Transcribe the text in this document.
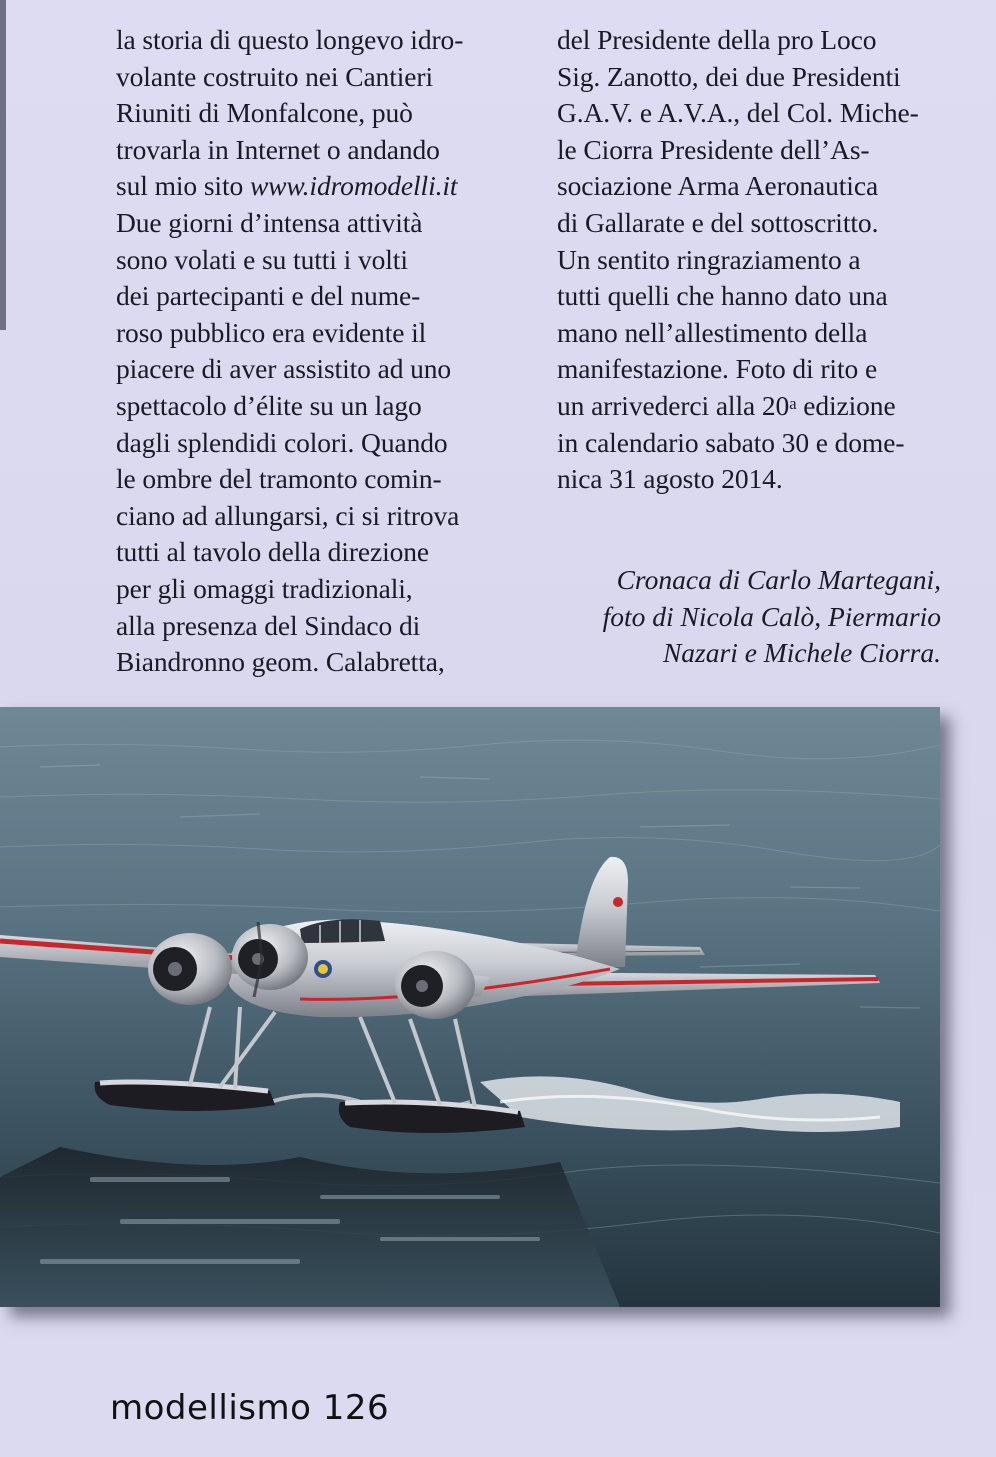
la storia di questo longevo idro-
volante costruito nei Cantieri
Riuniti di Monfalcone, può
trovarla in Internet o andando
sul mio sito www.idromodelli.it
Due giorni d’intensa attività
sono volati e su tutti i volti
dei partecipanti e del nume-
roso pubblico era evidente il
piacere di aver assistito ad uno
spettacolo d’élite su un lago
dagli splendidi colori. Quando
le ombre del tramonto comin-
ciano ad allungarsi, ci si ritrova
tutti al tavolo della direzione
per gli omaggi tradizionali,
alla presenza del Sindaco di
Biandronno geom. Calabretta,
del Presidente della pro Loco
Sig. Zanotto, dei due Presidenti
G.A.V. e A.V.A., del Col. Miche-
le Ciorra Presidente dell’As-
sociazione Arma Aeronautica
di Gallarate e del sottoscritto.
Un sentito ringraziamento a
tutti quelli che hanno dato una
mano nell’allestimento della
manifestazione. Foto di rito e
un arrivederci alla 20$^a$ edizione
in calendario sabato 30 e dome-
nica 31 agosto 2014.
Cronaca di Carlo Martegani,
foto di Nicola Calò, Piermario
Nazari e Michele Ciorra.
modellismo 126
